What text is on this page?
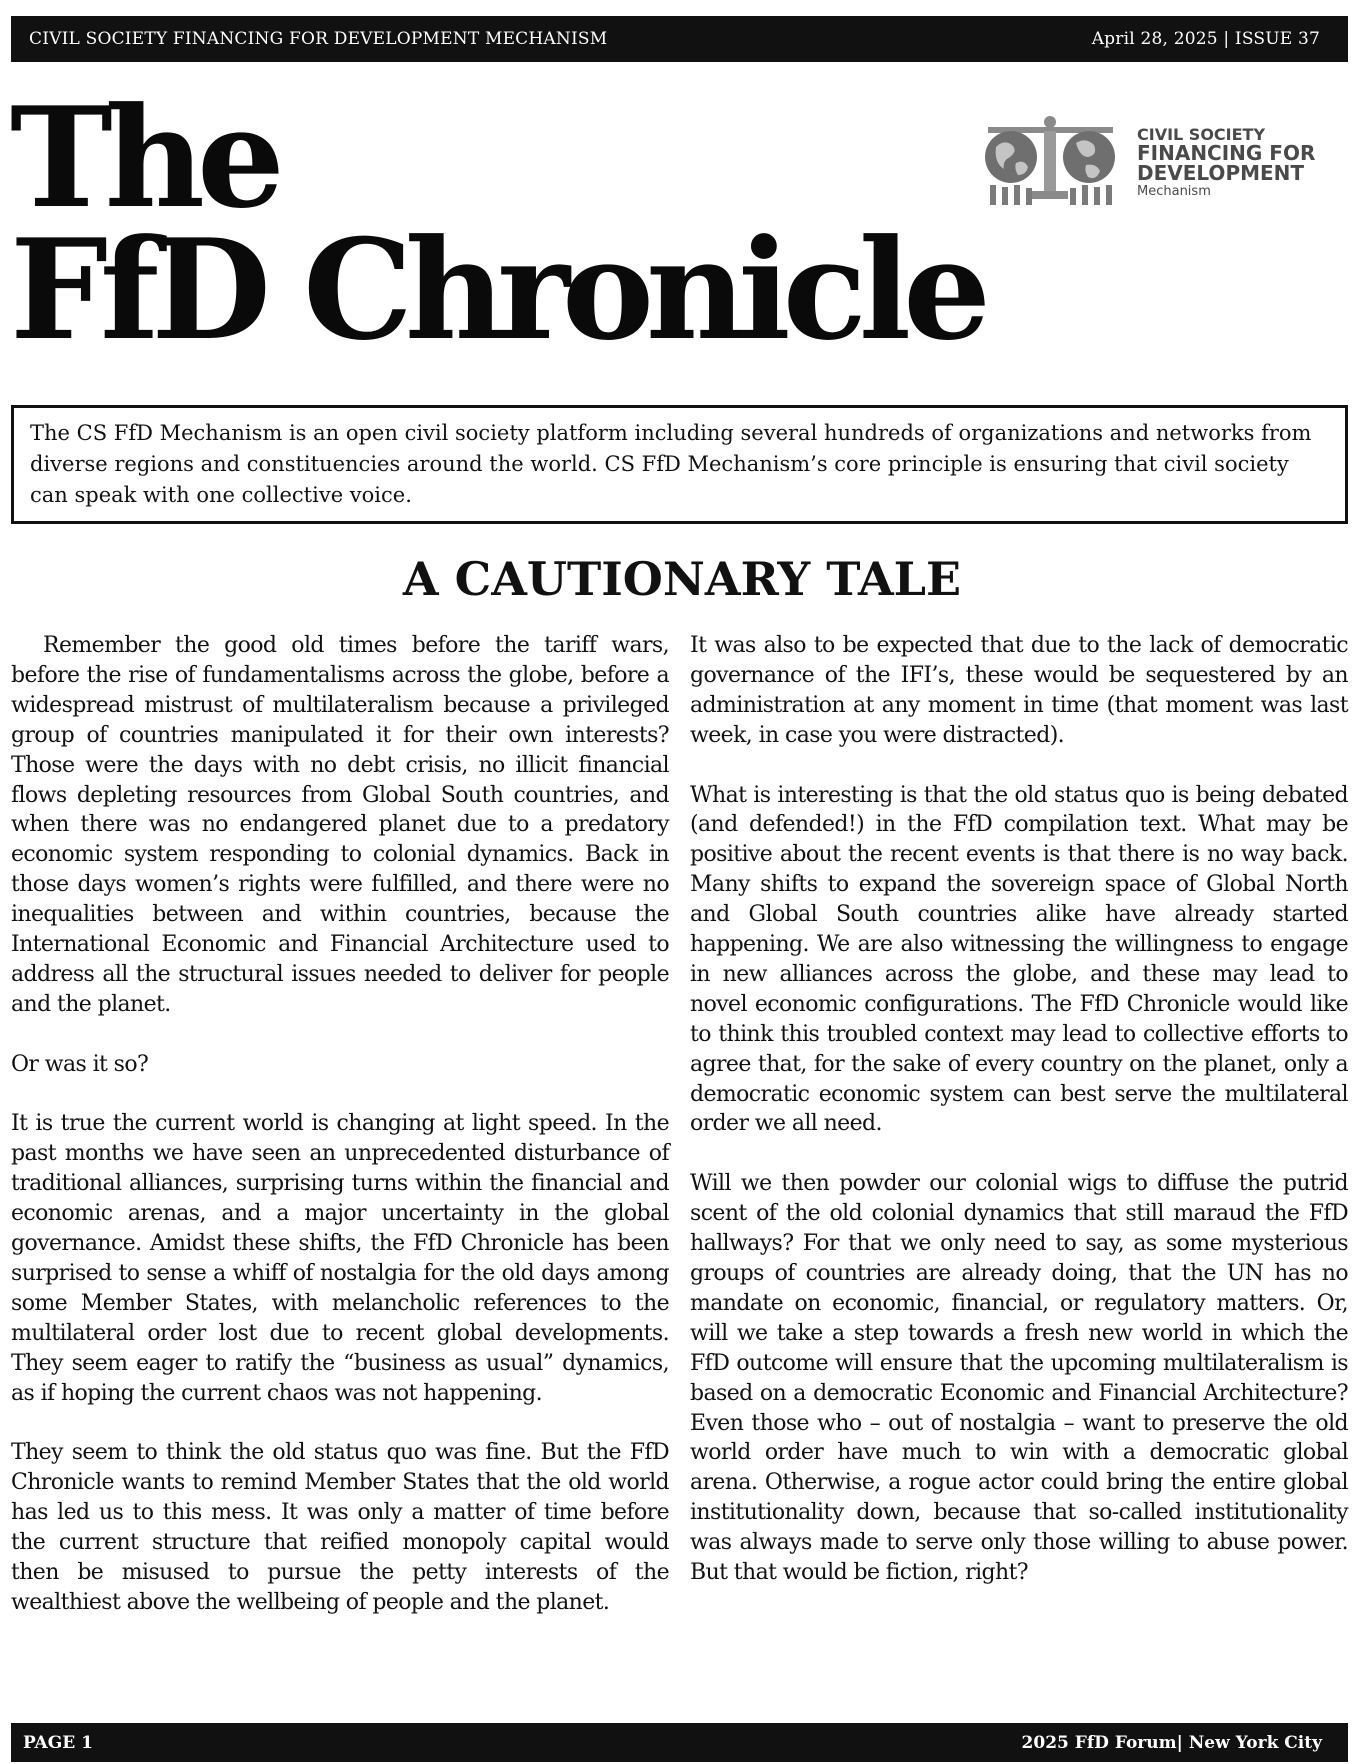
CIVIL SOCIETY FINANCING FOR DEVELOPMENT MECHANISM	April 28, 2025 | ISSUE 37
The
FfD Chronicle
CIVIL SOCIETY
FINANCING FOR
DEVELOPMENT
Mechanism

The CS FfD Mechanism is an open civil society platform including several hundreds of organizations and networks from diverse regions and constituencies around the world. CS FfD Mechanism’s core principle is ensuring that civil society can speak with one collective voice.

A CAUTIONARY TALE

Remember the good old times before the tariff wars, before the rise of fundamentalisms across the globe, before a widespread mistrust of multilateralism because a privileged group of countries manipulated it for their own interests? Those were the days with no debt crisis, no illicit financial flows depleting resources from Global South countries, and when there was no endangered planet due to a predatory economic system responding to colonial dynamics. Back in those days women’s rights were fulfilled, and there were no inequalities between and within countries, because the International Economic and Financial Architecture used to address all the structural issues needed to deliver for people and the planet.

Or was it so?

It is true the current world is changing at light speed. In the past months we have seen an unprecedented disturbance of traditional alliances, surprising turns within the financial and economic arenas, and a major uncertainty in the global governance. Amidst these shifts, the FfD Chronicle has been surprised to sense a whiff of nostalgia for the old days among some Member States, with melancholic references to the multilateral order lost due to recent global developments. They seem eager to ratify the “business as usual” dynamics, as if hoping the current chaos was not happening.

They seem to think the old status quo was fine. But the FfD Chronicle wants to remind Member States that the old world has led us to this mess. It was only a matter of time before the current structure that reified monopoly capital would then be misused to pursue the petty interests of the wealthiest above the wellbeing of people and the planet.

It was also to be expected that due to the lack of democratic governance of the IFI’s, these would be sequestered by an administration at any moment in time (that moment was last week, in case you were distracted).

What is interesting is that the old status quo is being debated (and defended!) in the FfD compilation text. What may be positive about the recent events is that there is no way back. Many shifts to expand the sovereign space of Global North and Global South countries alike have already started happening. We are also witnessing the willingness to engage in new alliances across the globe, and these may lead to novel economic configurations. The FfD Chronicle would like to think this troubled context may lead to collective efforts to agree that, for the sake of every country on the planet, only a democratic economic system can best serve the multilateral order we all need.

Will we then powder our colonial wigs to diffuse the putrid scent of the old colonial dynamics that still maraud the FfD hallways? For that we only need to say, as some mysterious groups of countries are already doing, that the UN has no mandate on economic, financial, or regulatory matters. Or, will we take a step towards a fresh new world in which the FfD outcome will ensure that the upcoming multilateralism is based on a democratic Economic and Financial Architecture? Even those who – out of nostalgia – want to preserve the old world order have much to win with a democratic global arena. Otherwise, a rogue actor could bring the entire global institutionality down, because that so-called institutionality was always made to serve only those willing to abuse power. But that would be fiction, right?

PAGE 1	2025 FfD Forum| New York City
